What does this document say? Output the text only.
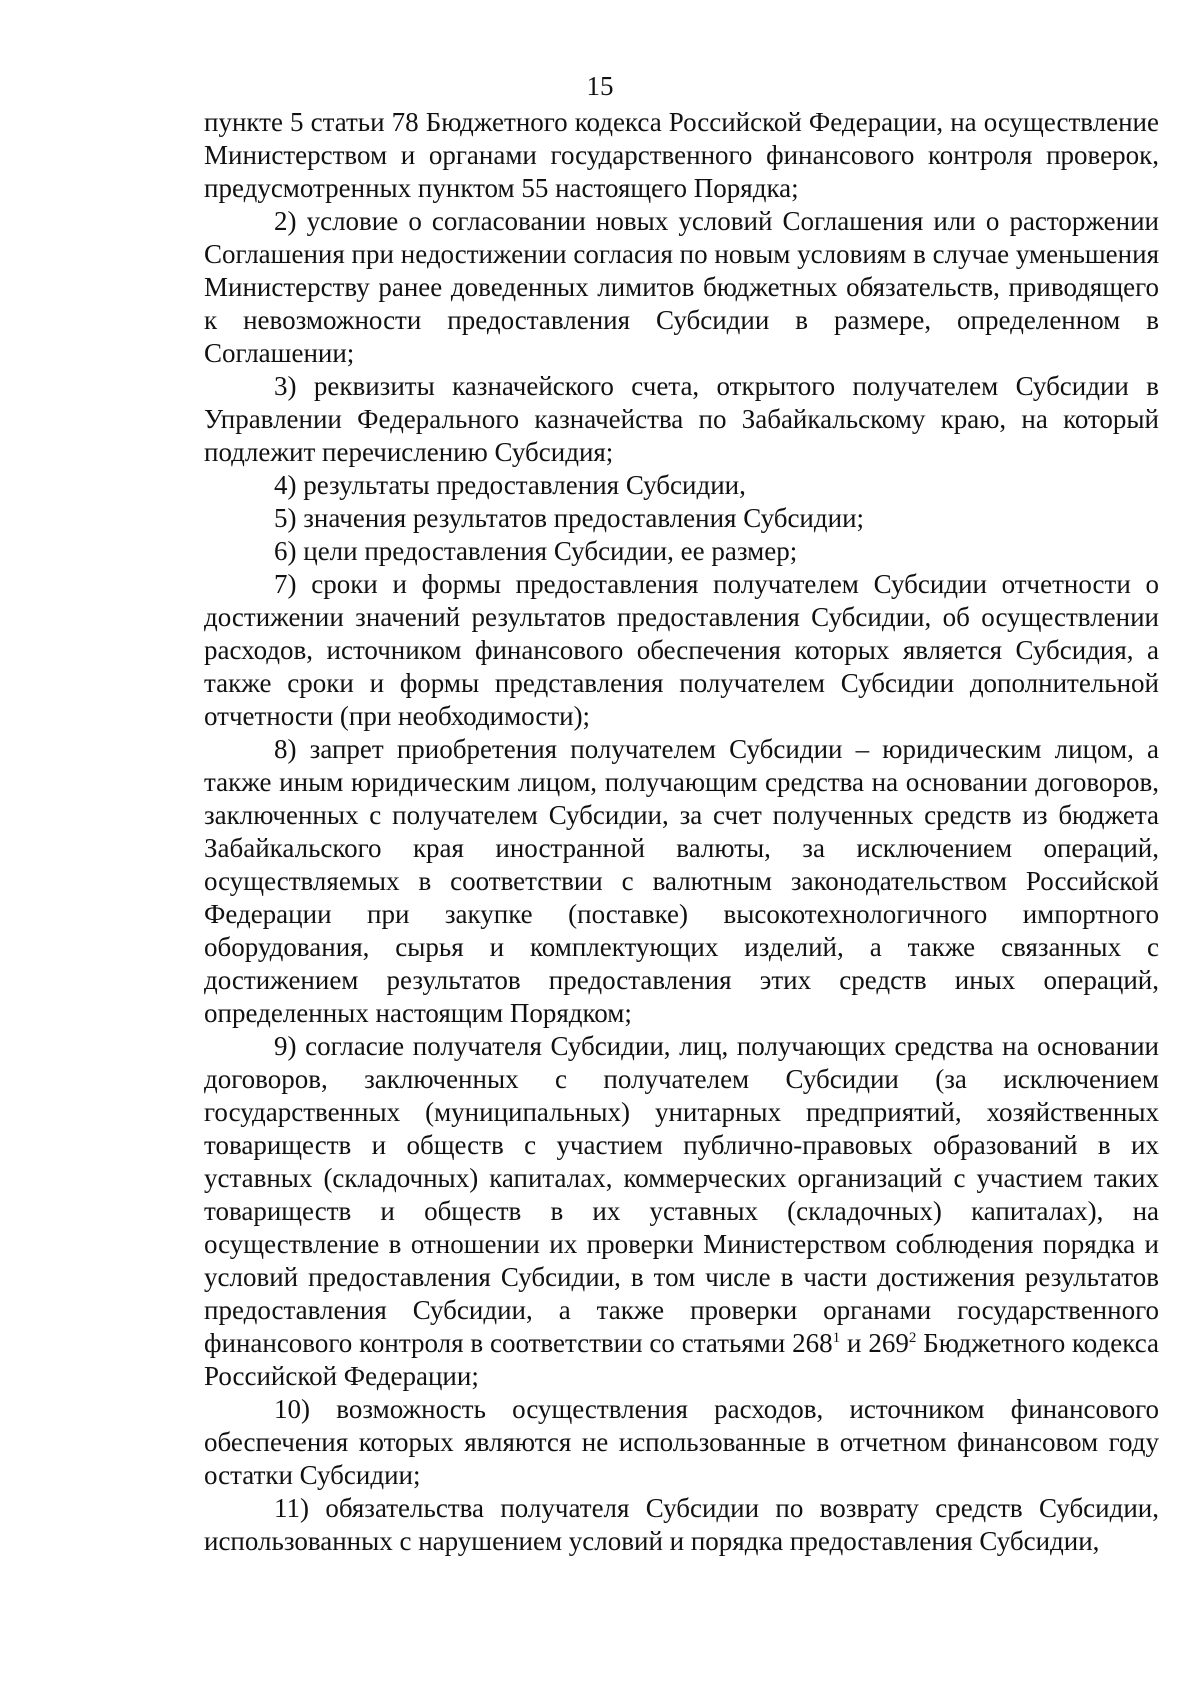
15

пункте 5 статьи 78 Бюджетного кодекса Российской Федерации, на осуществление Министерством и органами государственного финансового контроля проверок, предусмотренных пунктом 55 настоящего Порядка;

2) условие о согласовании новых условий Соглашения или о расторжении Соглашения при недостижении согласия по новым условиям в случае уменьшения Министерству ранее доведенных лимитов бюджетных обязательств, приводящего к невозможности предоставления Субсидии в размере, определенном в Соглашении;

3) реквизиты казначейского счета, открытого получателем Субсидии в Управлении Федерального казначейства по Забайкальскому краю, на который подлежит перечислению Субсидия;

4) результаты предоставления Субсидии,

5) значения результатов предоставления Субсидии;

6) цели предоставления Субсидии, ее размер;

7) сроки и формы предоставления получателем Субсидии отчетности о достижении значений результатов предоставления Субсидии, об осуществлении расходов, источником финансового обеспечения которых является Субсидия, а также сроки и формы представления получателем Субсидии дополнительной отчетности (при необходимости);

8) запрет приобретения получателем Субсидии – юридическим лицом, а также иным юридическим лицом, получающим средства на основании договоров, заключенных с получателем Субсидии, за счет полученных средств из бюджета Забайкальского края иностранной валюты, за исключением операций, осуществляемых в соответствии с валютным законодательством Российской Федерации при закупке (поставке) высокотехнологичного импортного оборудования, сырья и комплектующих изделий, а также связанных с достижением результатов предоставления этих средств иных операций, определенных настоящим Порядком;

9) согласие получателя Субсидии, лиц, получающих средства на основании договоров, заключенных с получателем Субсидии (за исключением государственных (муниципальных) унитарных предприятий, хозяйственных товариществ и обществ с участием публично-правовых образований в их уставных (складочных) капиталах, коммерческих организаций с участием таких товариществ и обществ в их уставных (складочных) капиталах), на осуществление в отношении их проверки Министерством соблюдения порядка и условий предоставления Субсидии, в том числе в части достижения результатов предоставления Субсидии, а также проверки органами государственного финансового контроля в соответствии со статьями $268^1$ и $269^2$ Бюджетного кодекса Российской Федерации;

10) возможность осуществления расходов, источником финансового обеспечения которых являются не использованные в отчетном финансовом году остатки Субсидии;

11) обязательства получателя Субсидии по возврату средств Субсидии, использованных с нарушением условий и порядка предоставления Субсидии,
